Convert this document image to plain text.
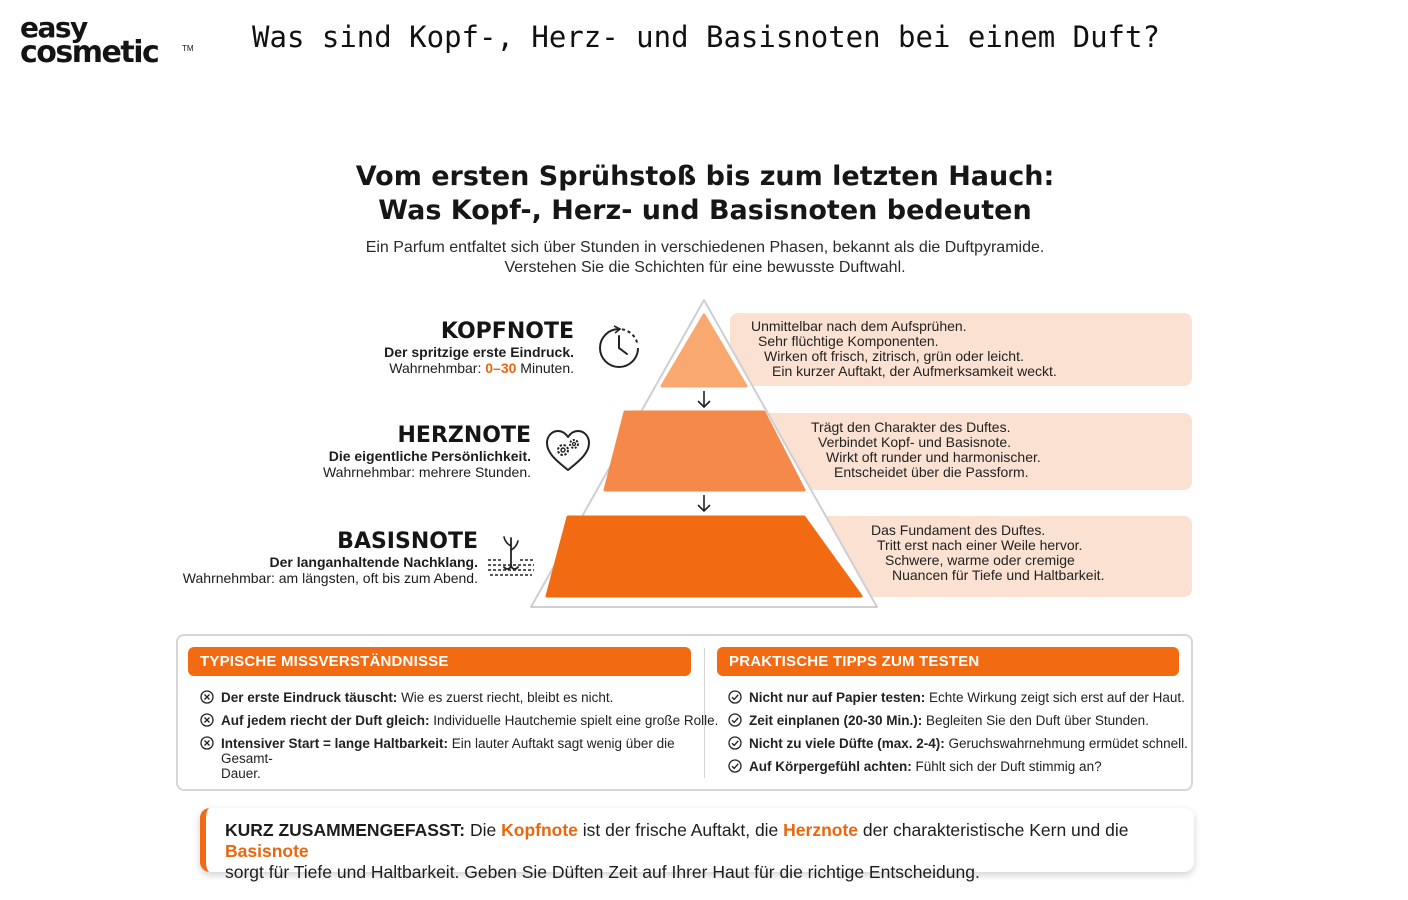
easy
cosmetic	TM	Was sind Kopf-, Herz- und Basisnoten bei einem Duft?
Vom ersten Sprühstoß bis zum letzten Hauch:
Was Kopf-, Herz- und Basisnoten bedeuten
Ein Parfum entfaltet sich über Stunden in verschiedenen Phasen, bekannt als die Duftpyramide.
Verstehen Sie die Schichten für eine bewusste Duftwahl.
Unmittelbar nach dem Aufsprühen.
Sehr flüchtige Komponenten.
Wirken oft frisch, zitrisch, grün oder leicht.
Ein kurzer Auftakt, der Aufmerksamkeit weckt.
Trägt den Charakter des Duftes.
Verbindet Kopf- und Basisnote.
Wirkt oft runder und harmonischer.
Entscheidet über die Passform.
Das Fundament des Duftes.
Tritt erst nach einer Weile hervor.
Schwere, warme oder cremige
Nuancen für Tiefe und Haltbarkeit.
KOPFNOTE
Der spritzige erste Eindruck.
Wahrnehmbar: 0–30 Minuten.
HERZNOTE
Die eigentliche Persönlichkeit.
Wahrnehmbar: mehrere Stunden.
BASISNOTE
Der langanhaltende Nachklang.
Wahrnehmbar: am längsten, oft bis zum Abend.
TYPISCHE MISSVERSTÄNDNISSE	PRAKTISCHE TIPPS ZUM TESTEN
Der erste Eindruck täuscht: Wie es zuerst riecht, bleibt es nicht.
Auf jedem riecht der Duft gleich: Individuelle Hautchemie spielt eine große Rolle.
Intensiver Start = lange Haltbarkeit: Ein lauter Auftakt sagt wenig über die Gesamt-
Dauer.
Nicht nur auf Papier testen: Echte Wirkung zeigt sich erst auf der Haut.
Zeit einplanen (20-30 Min.): Begleiten Sie den Duft über Stunden.
Nicht zu viele Düfte (max. 2-4): Geruchswahrnehmung ermüdet schnell.
Auf Körpergefühl achten: Fühlt sich der Duft stimmig an?

KURZ ZUSAMMENGEFASST: Die Kopfnote ist der frische Auftakt, die Herznote der charakteristische Kern und die Basisnote
sorgt für Tiefe und Haltbarkeit. Geben Sie Düften Zeit auf Ihrer Haut für die richtige Entscheidung.
